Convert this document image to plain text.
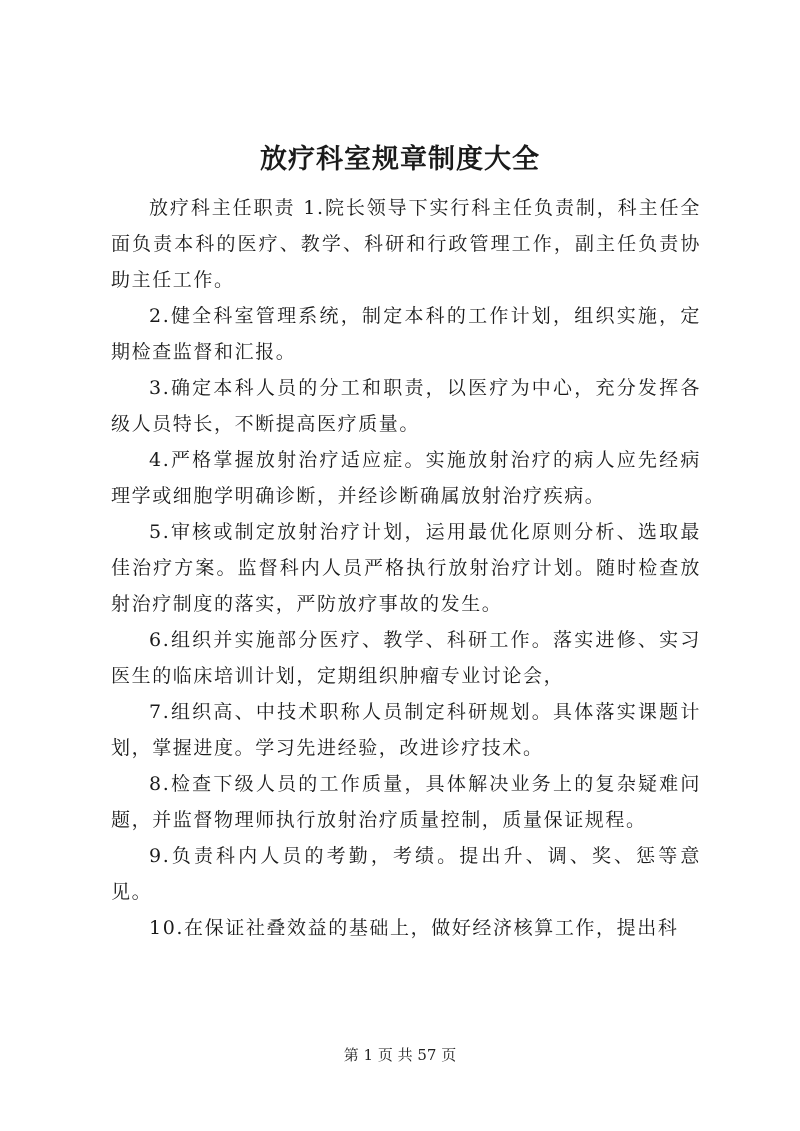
放疗科室规章制度大全

放疗科主任职责 1.院长领导下实行科主任负责制，科主任全面负责本科的医疗、教学、科研和行政管理工作，副主任负责协助主任工作。

2.健全科室管理系统，制定本科的工作计划，组织实施，定期检查监督和汇报。

3.确定本科人员的分工和职责，以医疗为中心，充分发挥各级人员特长，不断提高医疗质量。

4.严格掌握放射治疗适应症。实施放射治疗的病人应先经病理学或细胞学明确诊断，并经诊断确属放射治疗疾病。

5.审核或制定放射治疗计划，运用最优化原则分析、选取最佳治疗方案。监督科内人员严格执行放射治疗计划。随时检查放射治疗制度的落实，严防放疗事故的发生。

6.组织并实施部分医疗、教学、科研工作。落实进修、实习医生的临床培训计划，定期组织肿瘤专业讨论会，

7.组织高、中技术职称人员制定科研规划。具体落实课题计划，掌握进度。学习先进经验，改进诊疗技术。

8.检查下级人员的工作质量，具体解决业务上的复杂疑难问题，并监督物理师执行放射治疗质量控制，质量保证规程。

9.负责科内人员的考勤，考绩。提出升、调、奖、惩等意见。

10.在保证社叠效益的基础上，做好经济核算工作，提出科

第 1 页 共 57 页
